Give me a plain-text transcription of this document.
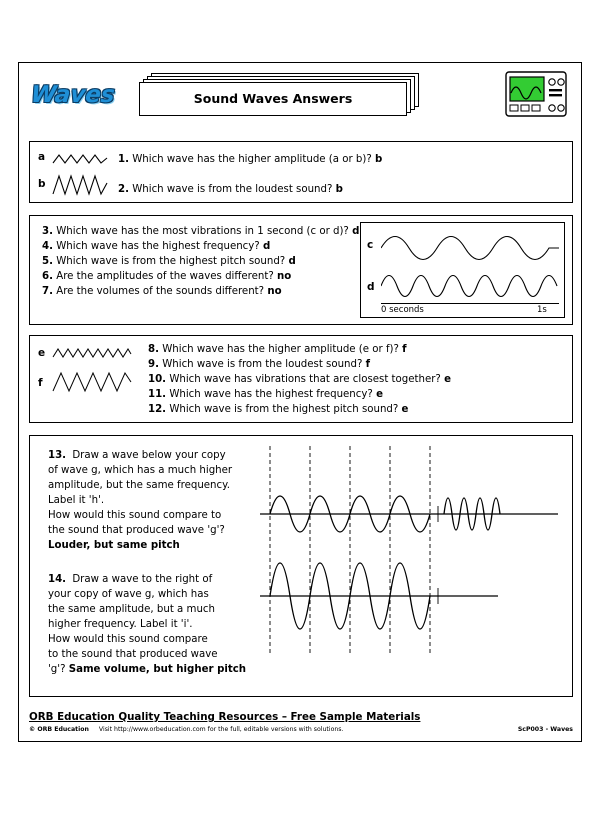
Waves	Sound Waves Answers
a
b
1. Which wave has the higher amplitude (a or b)? b
2. Which wave is from the loudest sound? b
3. Which wave has the most vibrations in 1 second (c or d)? d
4. Which wave has the highest frequency? d
5. Which wave is from the highest pitch sound? d
6. Are the amplitudes of the waves different? no
7. Are the volumes of the sounds different? no
c
d
0 seconds	1s
e
f
8. Which wave has the higher amplitude (e or f)? f
9. Which wave is from the loudest sound? f
10. Which wave has vibrations that are closest together? e
11. Which wave has the highest frequency? e
12. Which wave is from the highest pitch sound? e
13. Draw a wave below your copy
of wave g, which has a much higher
amplitude, but the same frequency.
Label it 'h'.
How would this sound compare to
the sound that produced wave 'g'?
Louder, but same pitch
14. Draw a wave to the right of
your copy of wave g, which has
the same amplitude, but a much
higher frequency. Label it 'i'.
How would this sound compare
to the sound that produced wave
'g'? Same volume, but higher pitch
ORB Education Quality Teaching Resources – Free Sample Materials
© ORB Education Visit http://www.orbeducation.com for the full, editable versions with solutions.	ScP003 - Waves
